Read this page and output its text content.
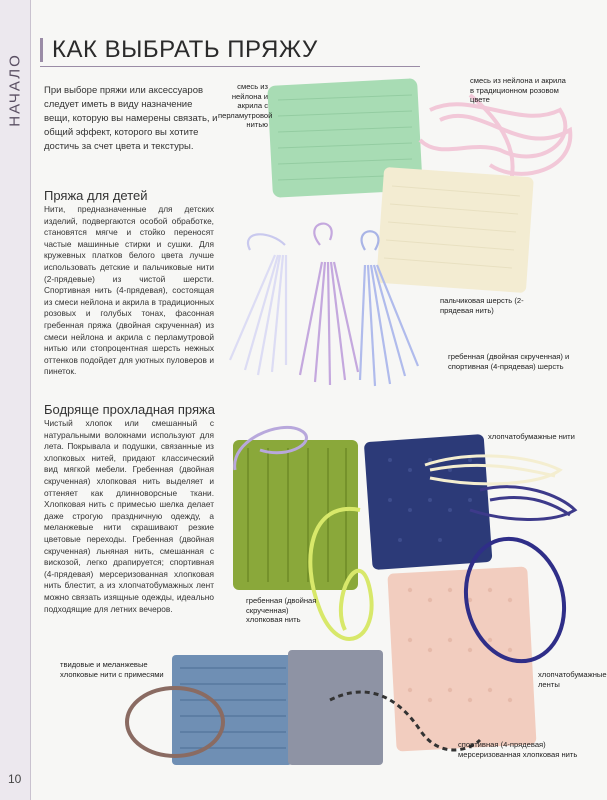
НАЧАЛО
10
КАК ВЫБРАТЬ ПРЯЖУ
При выборе пряжи или аксессуаров следует иметь в виду назначение вещи, которую вы намерены связать, и общий эффект, которого вы хотите достичь за счет цвета и текстуры.
Пряжа для детей
Нити, предназначенные для детских изделий, подвергаются особой обработке, становятся мягче и стойко переносят частые машинные стирки и сушки. Для кружевных платков белого цвета лучше использовать детские и пальчиковые нити (2-прядевые) из чистой шерсти. Спортивная нить (4-прядевая), состоящая из смеси нейлона и акрила в традиционных розовых и голубых тонах, фасонная гребенная пряжа (двойная скрученная) из смеси нейлона и акрила с перламутровой нитью или стопроцентная шерсть нежных оттенков подойдет для уютных пуловеров и пинеток.
Бодряще прохладная пряжа
Чистый хлопок или смешанный с натуральными волокнами используют для лета. Покрывала и подушки, связанные из хлопковых нитей, придают классический вид мягкой мебели. Гребенная (двойная скрученная) хлопковая нить выделяет и оттеняет как длинноворсные ткани. Хлопковая нить с примесью шелка делает даже строгую праздничную одежду, а меланжевые нити скрашивают резкие цветовые переходы. Гребенная (двойная скрученная) льняная нить, смешанная с вискозой, легко драпируется; спортивная (4-прядевая) мерсеризованная хлопковая нить блестит, а из хлопчатобумажных лент можно связать изящные одежды, идеально подходящие для летних вечеров.
смесь из нейлона и акрила с перламутровой нитью
смесь из нейлона и акрила в традиционном розовом цвете
пальчиковая шерсть (2-прядевая нить)
гребенная (двойная скрученная) и спортивная (4-прядевая) шерсть
хлопчатобумажные нити
гребенная (двойная скрученная) хлопковая нить
хлопчатобумажные ленты
твидовые и меланжевые хлопковые нити с примесями
спортивная (4-прядевая) мерсеризованная хлопковая нить
